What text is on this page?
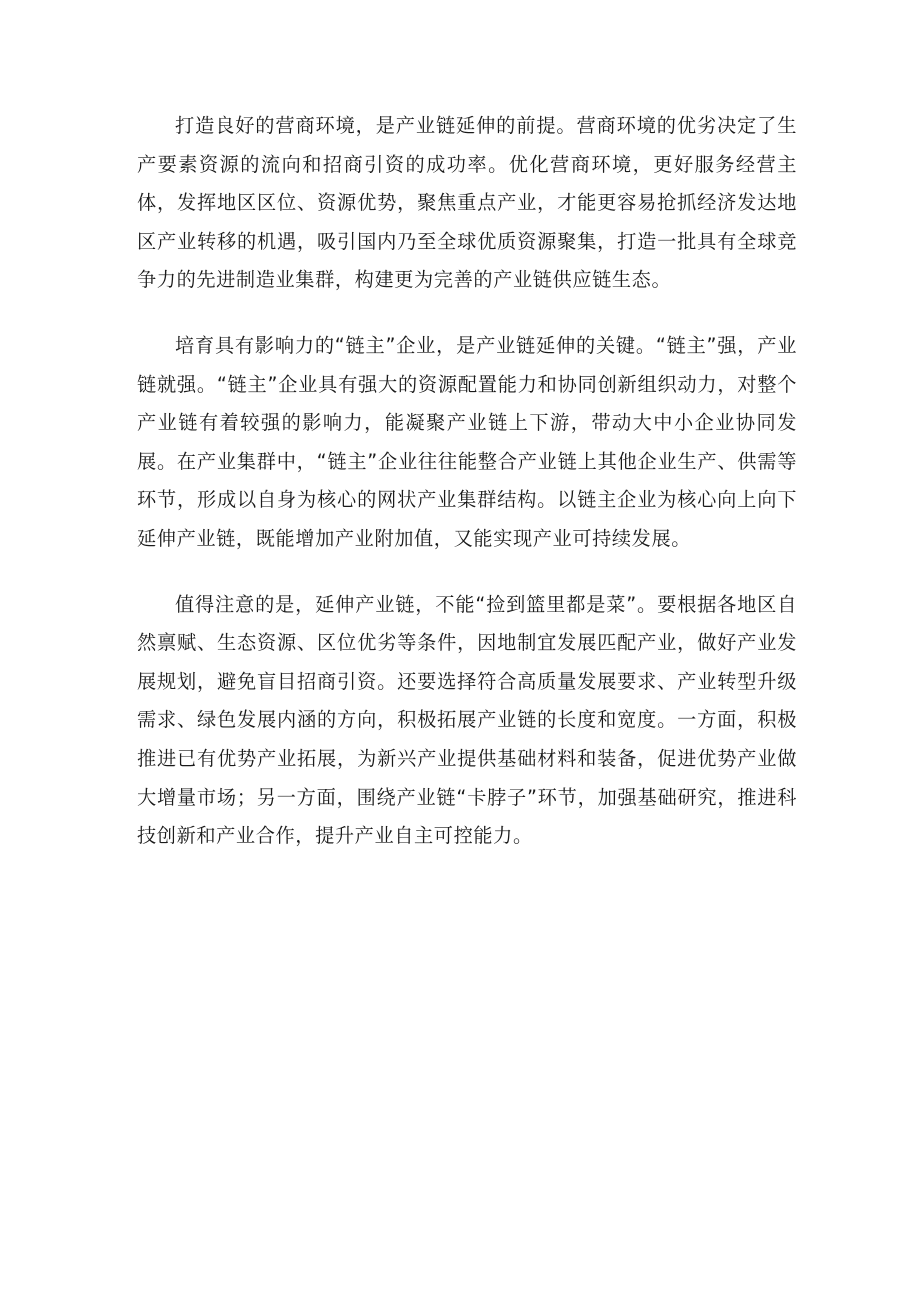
打造良好的营商环境，是产业链延伸的前提。营商环境的优劣决定了生产要素资源的流向和招商引资的成功率。优化营商环境，更好服务经营主体，发挥地区区位、资源优势，聚焦重点产业，才能更容易抢抓经济发达地区产业转移的机遇，吸引国内乃至全球优质资源聚集，打造一批具有全球竞争力的先进制造业集群，构建更为完善的产业链供应链生态。

培育具有影响力的“链主”企业，是产业链延伸的关键。“链主”强，产业链就强。“链主”企业具有强大的资源配置能力和协同创新组织动力，对整个产业链有着较强的影响力，能凝聚产业链上下游，带动大中小企业协同发展。在产业集群中，“链主”企业往往能整合产业链上其他企业生产、供需等环节，形成以自身为核心的网状产业集群结构。以链主企业为核心向上向下延伸产业链，既能增加产业附加值，又能实现产业可持续发展。

值得注意的是，延伸产业链，不能“捡到篮里都是菜”。要根据各地区自然禀赋、生态资源、区位优劣等条件，因地制宜发展匹配产业，做好产业发展规划，避免盲目招商引资。还要选择符合高质量发展要求、产业转型升级需求、绿色发展内涵的方向，积极拓展产业链的长度和宽度。一方面，积极推进已有优势产业拓展，为新兴产业提供基础材料和装备，促进优势产业做大增量市场；另一方面，围绕产业链“卡脖子”环节，加强基础研究，推进科技创新和产业合作，提升产业自主可控能力。
